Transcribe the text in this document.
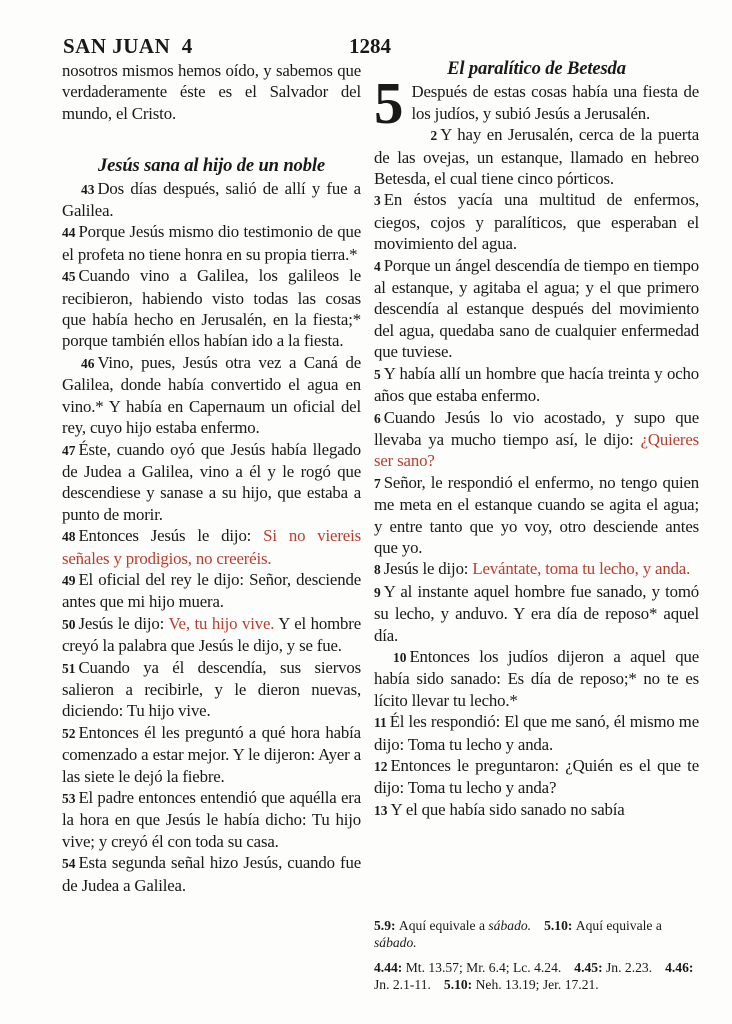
SAN JUAN  4	1284

nosotros mismos hemos oído, y sabemos que verdaderamente éste es el Salvador del mundo, el Cristo.

Jesús sana al hijo de un noble

43 Dos días después, salió de allí y fue a Galilea.

44 Porque Jesús mismo dio testimonio de que el profeta no tiene honra en su propia tierra.*

45 Cuando vino a Galilea, los galileos le recibieron, habiendo visto todas las cosas que había hecho en Jerusalén, en la fiesta;* porque también ellos habían ido a la fiesta.

46 Vino, pues, Jesús otra vez a Caná de Galilea, donde había convertido el agua en vino.* Y había en Capernaum un oficial del rey, cuyo hijo estaba enfermo.

47 Éste, cuando oyó que Jesús había llegado de Judea a Galilea, vino a él y le rogó que descendiese y sanase a su hijo, que estaba a punto de morir.

48 Entonces Jesús le dijo: Si no viereis señales y prodigios, no creeréis.

49 El oficial del rey le dijo: Señor, desciende antes que mi hijo muera.

50 Jesús le dijo: Ve, tu hijo vive. Y el hombre creyó la palabra que Jesús le dijo, y se fue.

51 Cuando ya él descendía, sus siervos salieron a recibirle, y le dieron nuevas, diciendo: Tu hijo vive.

52 Entonces él les preguntó a qué hora había comenzado a estar mejor. Y le dijeron: Ayer a las siete le dejó la fiebre.

53 El padre entonces entendió que aquélla era la hora en que Jesús le había dicho: Tu hijo vive; y creyó él con toda su casa.

54 Esta segunda señal hizo Jesús, cuando fue de Judea a Galilea.

El paralítico de Betesda

5 Después de estas cosas había una fiesta de los judíos, y subió Jesús a Jerusalén.

2 Y hay en Jerusalén, cerca de la puerta de las ovejas, un estanque, llamado en hebreo Betesda, el cual tiene cinco pórticos.

3 En éstos yacía una multitud de enfermos, ciegos, cojos y paralíticos, que esperaban el movimiento del agua.

4 Porque un ángel descendía de tiempo en tiempo al estanque, y agitaba el agua; y el que primero descendía al estanque después del movimiento del agua, quedaba sano de cualquier enfermedad que tuviese.

5 Y había allí un hombre que hacía treinta y ocho años que estaba enfermo.

6 Cuando Jesús lo vio acostado, y supo que llevaba ya mucho tiempo así, le dijo: ¿Quieres ser sano?

7 Señor, le respondió el enfermo, no tengo quien me meta en el estanque cuando se agita el agua; y entre tanto que yo voy, otro desciende antes que yo.

8 Jesús le dijo: Levántate, toma tu lecho, y anda.

9 Y al instante aquel hombre fue sanado, y tomó su lecho, y anduvo. Y era día de reposo* aquel día.

10 Entonces los judíos dijeron a aquel que había sido sanado: Es día de reposo;* no te es lícito llevar tu lecho.*

11 Él les respondió: El que me sanó, él mismo me dijo: Toma tu lecho y anda.

12 Entonces le preguntaron: ¿Quién es el que te dijo: Toma tu lecho y anda?

13 Y el que había sido sanado no sabía

5.9: Aquí equivale a sábado. 5.10: Aquí equivale a sábado.

4.44: Mt. 13.57; Mr. 6.4; Lc. 4.24. 4.45: Jn. 2.23. 4.46: Jn. 2.1-11. 5.10: Neh. 13.19; Jer. 17.21.
